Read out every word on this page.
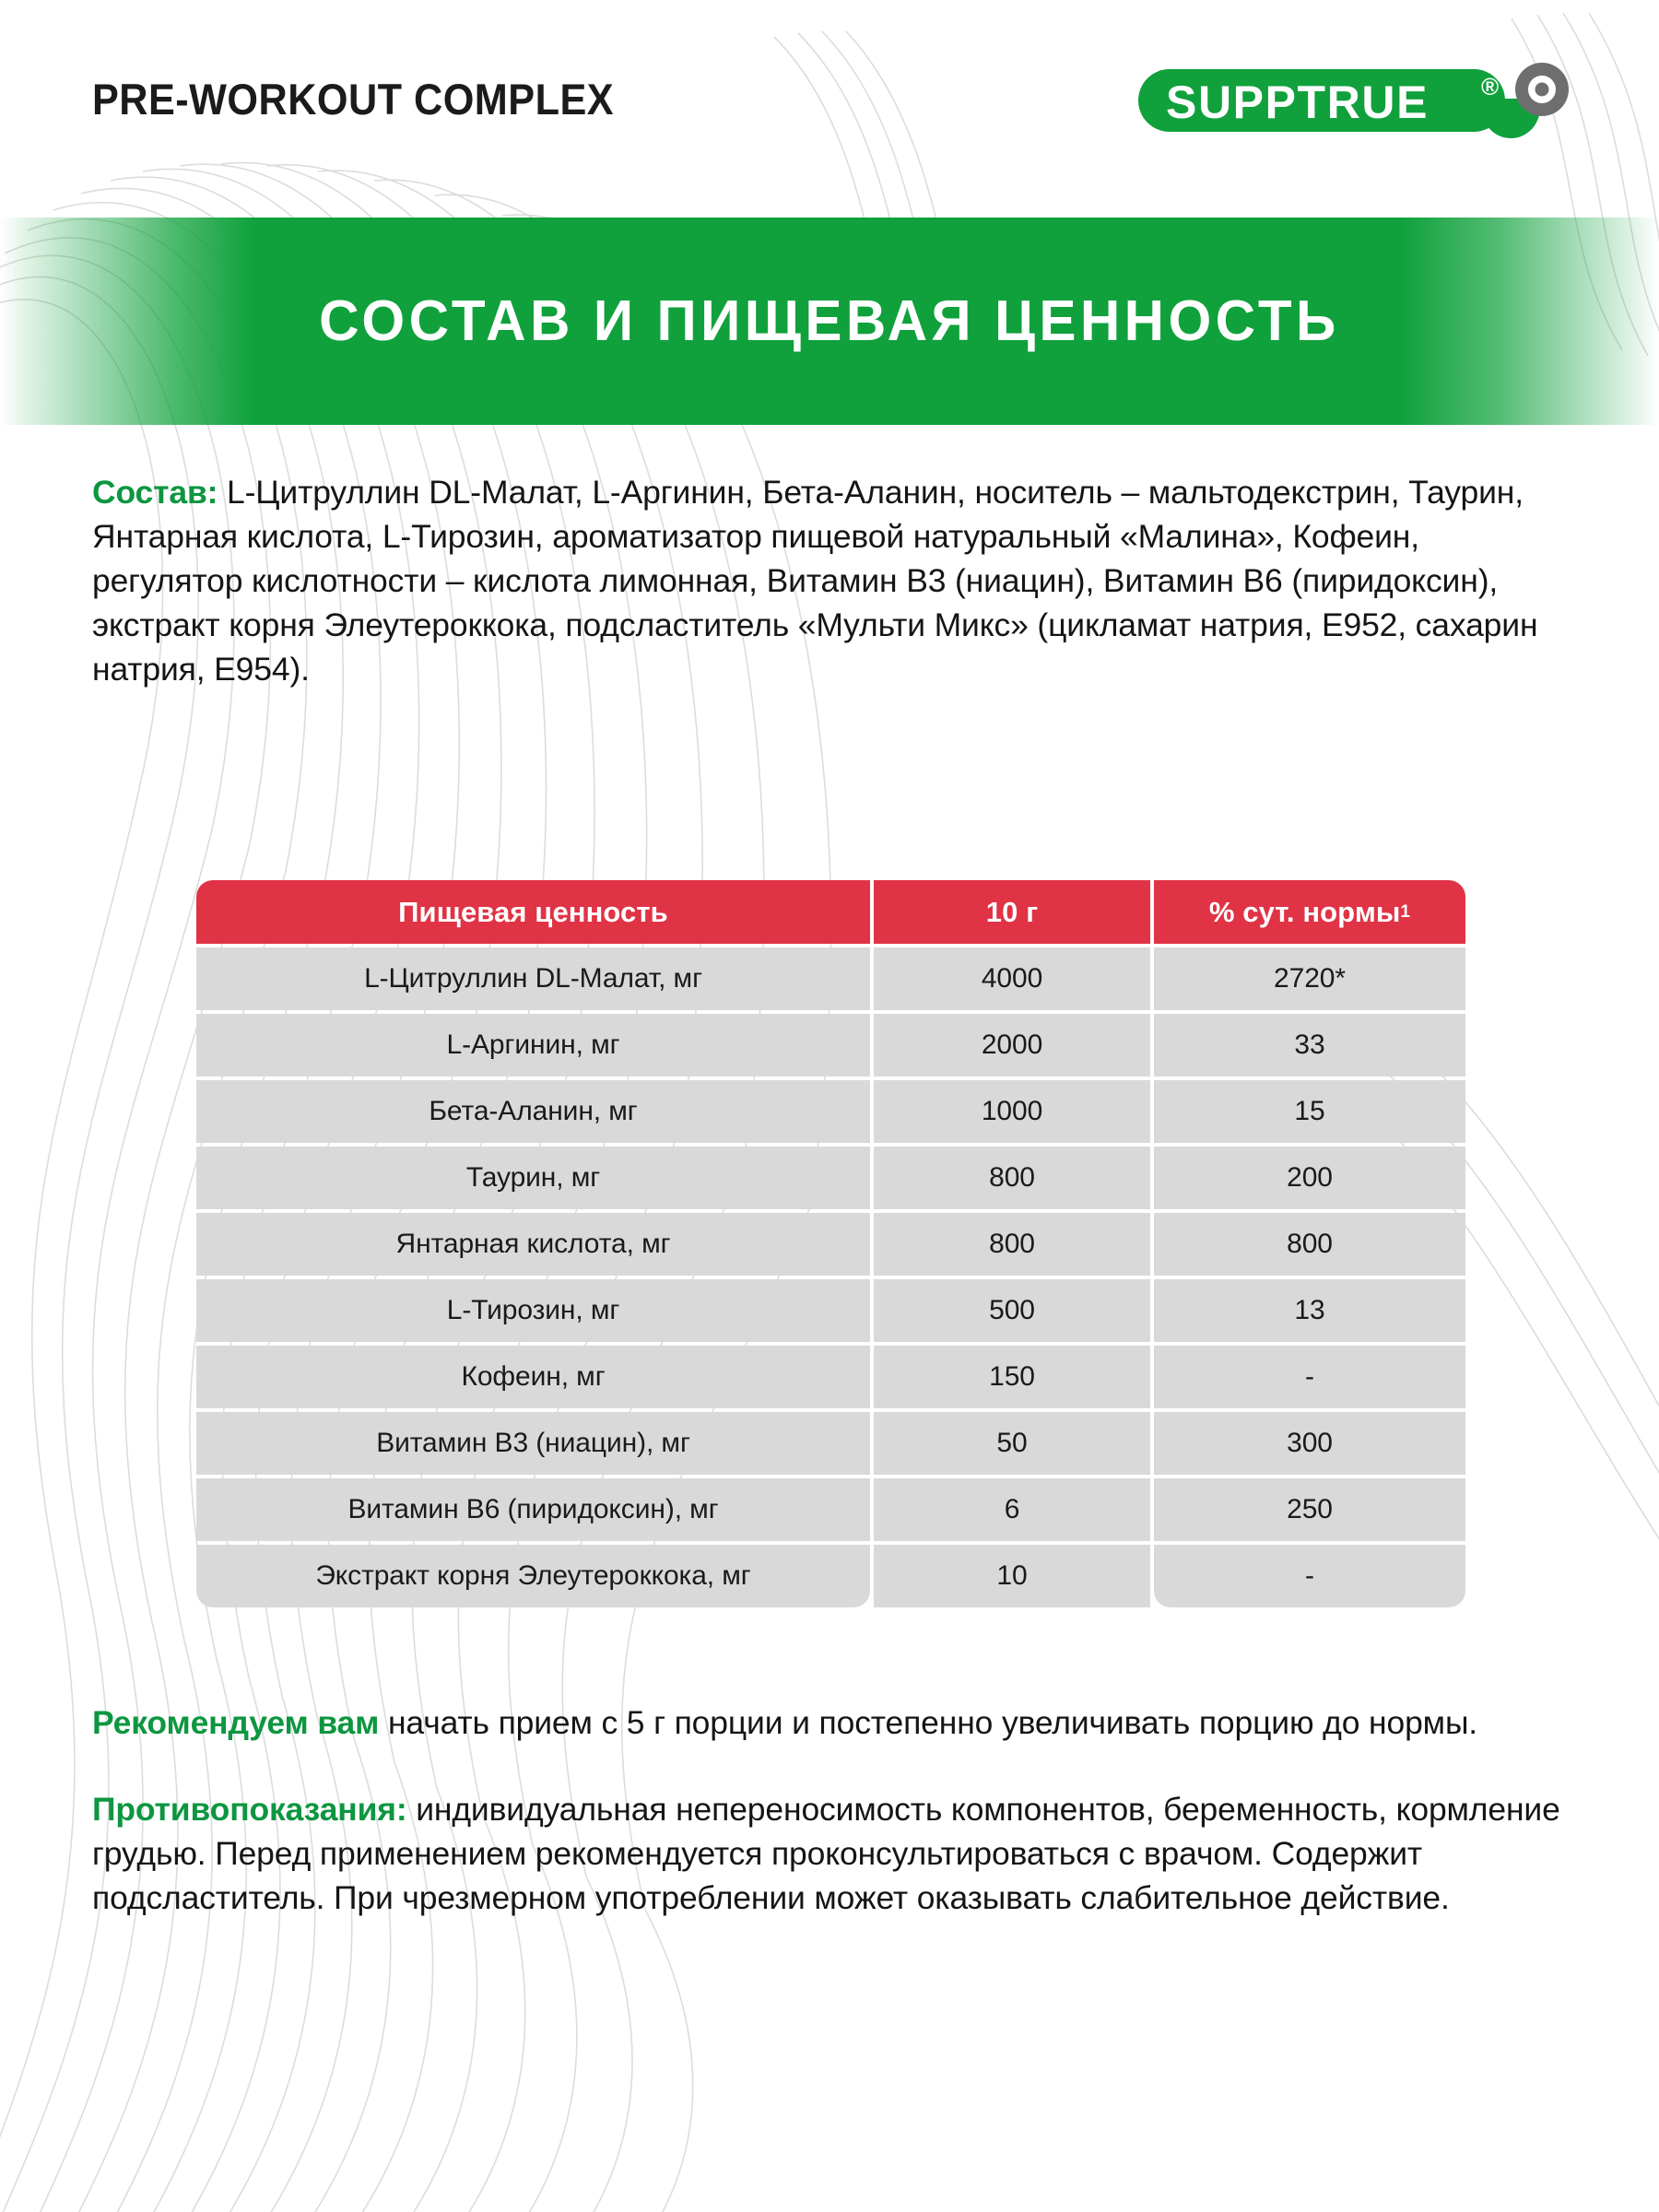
PRE-WORKOUT COMPLEX	SUPPTRUE ®
СОСТАВ И ПИЩЕВАЯ ЦЕННОСТЬ

Состав: L-Цитруллин DL-Малат, L-Аргинин, Бета-Аланин, носитель – мальтодекстрин, Таурин, Янтарная кислота, L-Тирозин, ароматизатор пищевой натуральный «Малина», Кофеин, регулятор кислотности – кислота лимонная, Витамин B3 (ниацин), Витамин B6 (пиридоксин), экстракт корня Элеутероккока, подсластитель «Мульти Микс» (цикламат натрия, E952, сахарин натрия, E954).

Пищевая ценность	10 г	% сут. нормы 1
L-Цитруллин DL-Малат, мг	4000	2720*
L-Аргинин, мг	2000	33
Бета-Аланин, мг	1000	15
Таурин, мг	800	200
Янтарная кислота, мг	800	800
L-Тирозин, мг	500	13
Кофеин, мг	150	-
Витамин B3 (ниацин), мг	50	300
Витамин B6 (пиридоксин), мг	6	250
Экстракт корня Элеутероккока, мг	10	-

Рекомендуем вам начать прием с 5 г порции и постепенно увеличивать порцию до нормы.

Противопоказания: индивидуальная непереносимость компонентов, беременность, кормление грудью. Перед применением рекомендуется проконсультироваться с врачом. Содержит подсластитель. При чрезмерном употреблении может оказывать слабительное действие.
